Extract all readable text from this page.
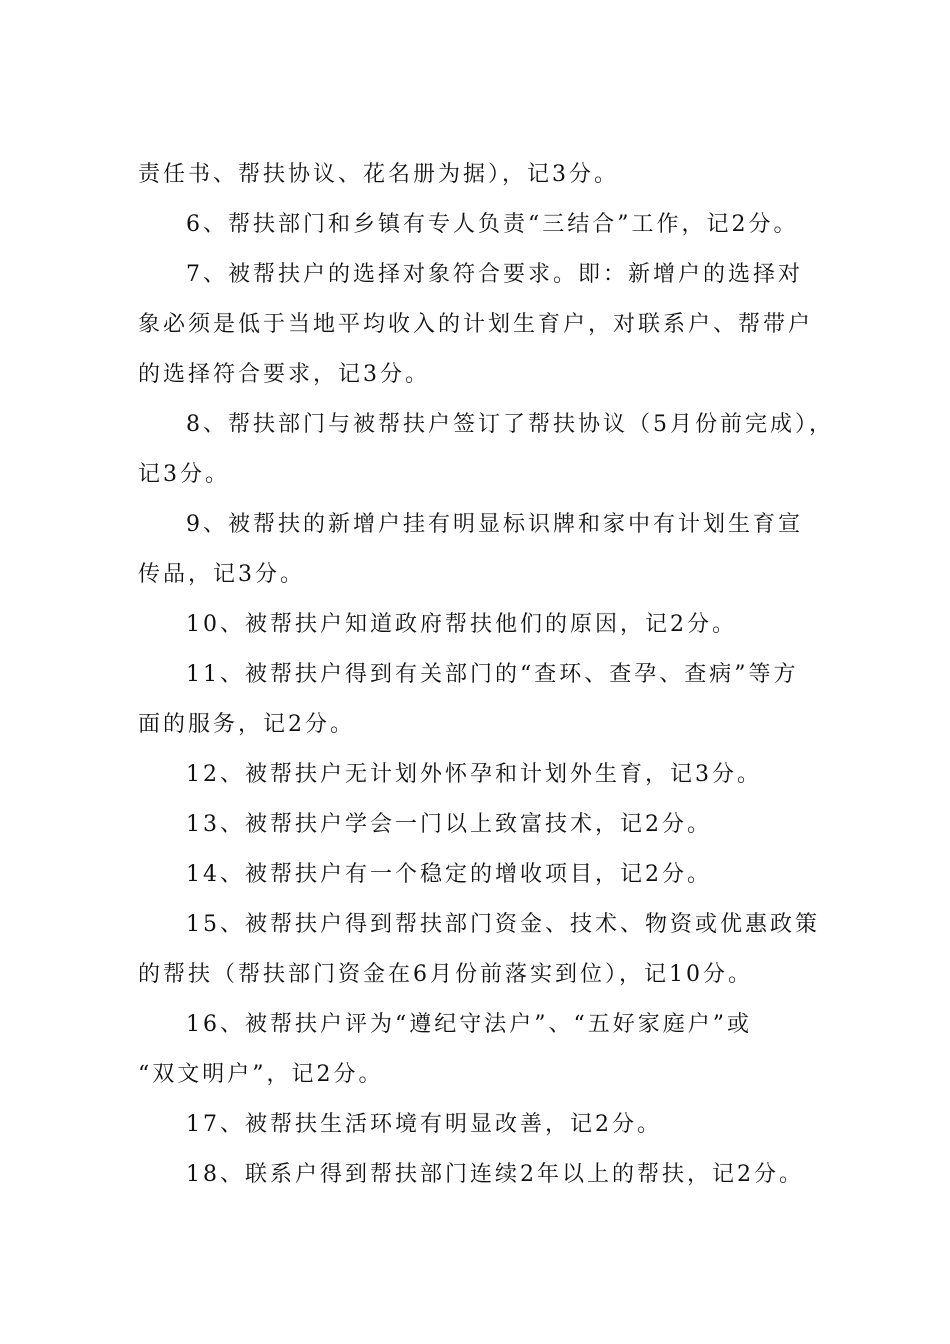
责任书、帮扶协议、花名册为据），记3分。
6、帮扶部门和乡镇有专人负责“三结合”工作，记2分。
7、被帮扶户的选择对象符合要求。即：新增户的选择对
象必须是低于当地平均收入的计划生育户，对联系户、帮带户
的选择符合要求，记3分。
8、帮扶部门与被帮扶户签订了帮扶协议（5月份前完成），
记3分。
9、被帮扶的新增户挂有明显标识牌和家中有计划生育宣
传品，记3分。
10、被帮扶户知道政府帮扶他们的原因，记2分。
11、被帮扶户得到有关部门的“查环、查孕、查病”等方
面的服务，记2分。
12、被帮扶户无计划外怀孕和计划外生育，记3分。
13、被帮扶户学会一门以上致富技术，记2分。
14、被帮扶户有一个稳定的增收项目，记2分。
15、被帮扶户得到帮扶部门资金、技术、物资或优惠政策
的帮扶（帮扶部门资金在6月份前落实到位），记10分。
16、被帮扶户评为“遵纪守法户”、“五好家庭户”或
“双文明户”，记2分。
17、被帮扶生活环境有明显改善，记2分。
18、联系户得到帮扶部门连续2年以上的帮扶，记2分。
